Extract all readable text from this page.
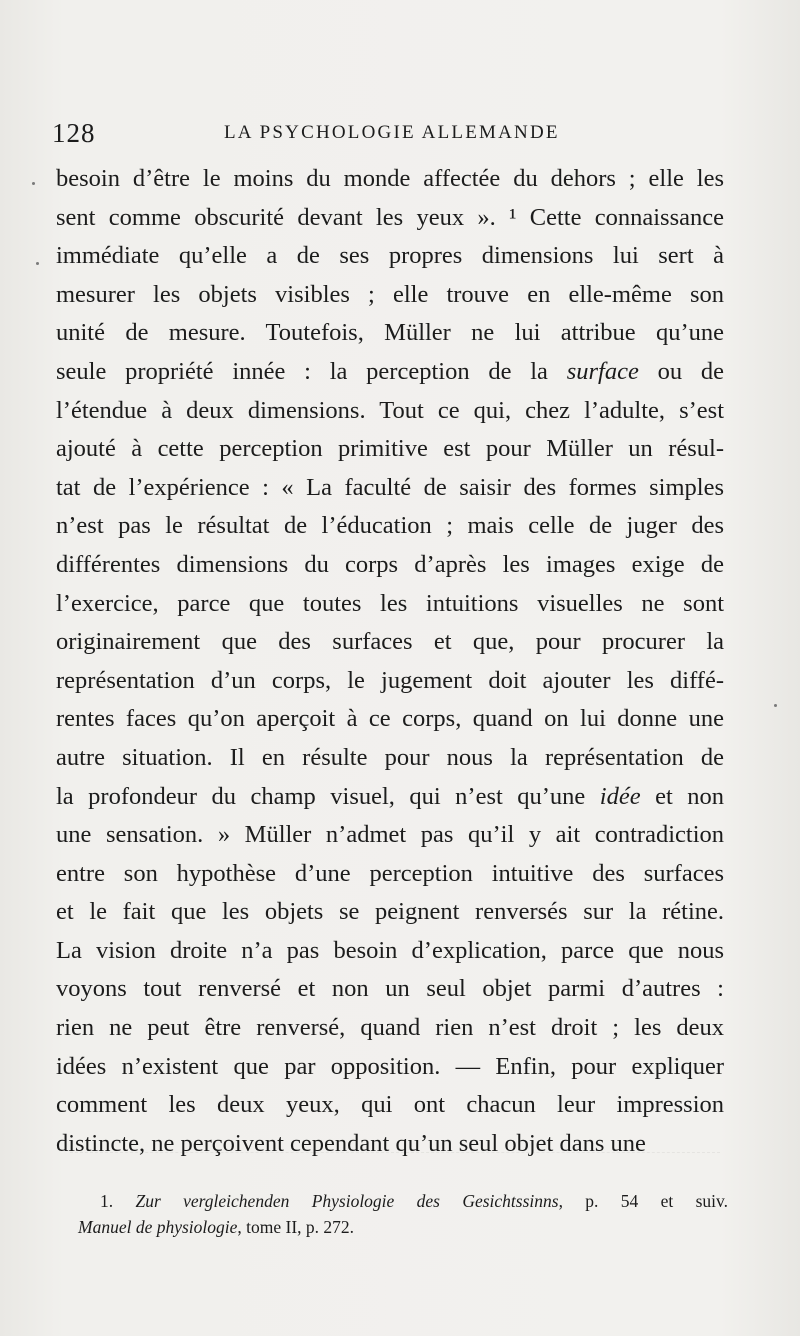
128	LA PSYCHOLOGIE ALLEMANDE
besoin d’être le moins du monde affectée du dehors ; elle les
sent comme obscurité devant les yeux ». ¹ Cette connaissance
immédiate qu’elle a de ses propres dimensions lui sert à
mesurer les objets visibles ; elle trouve en elle-même son
unité de mesure. Toutefois, Müller ne lui attribue qu’une
seule propriété innée : la perception de la surface ou de
l’étendue à deux dimensions. Tout ce qui, chez l’adulte, s’est
ajouté à cette perception primitive est pour Müller un résul-
tat de l’expérience : « La faculté de saisir des formes simples
n’est pas le résultat de l’éducation ; mais celle de juger des
différentes dimensions du corps d’après les images exige de
l’exercice, parce que toutes les intuitions visuelles ne sont
originairement que des surfaces et que, pour procurer la
représentation d’un corps, le jugement doit ajouter les diffé-
rentes faces qu’on aperçoit à ce corps, quand on lui donne une
autre situation. Il en résulte pour nous la représentation de
la profondeur du champ visuel, qui n’est qu’une idée et non
une sensation. » Müller n’admet pas qu’il y ait contradiction
entre son hypothèse d’une perception intuitive des surfaces
et le fait que les objets se peignent renversés sur la rétine.
La vision droite n’a pas besoin d’explication, parce que nous
voyons tout renversé et non un seul objet parmi d’autres :
rien ne peut être renversé, quand rien n’est droit ; les deux
idées n’existent que par opposition. — Enfin, pour expliquer
comment les deux yeux, qui ont chacun leur impression
distincte, ne perçoivent cependant qu’un seul objet dans une
1. Zur vergleichenden Physiologie des Gesichtssinns, p. 54 et suiv.
Manuel de physiologie, tome II, p. 272.
